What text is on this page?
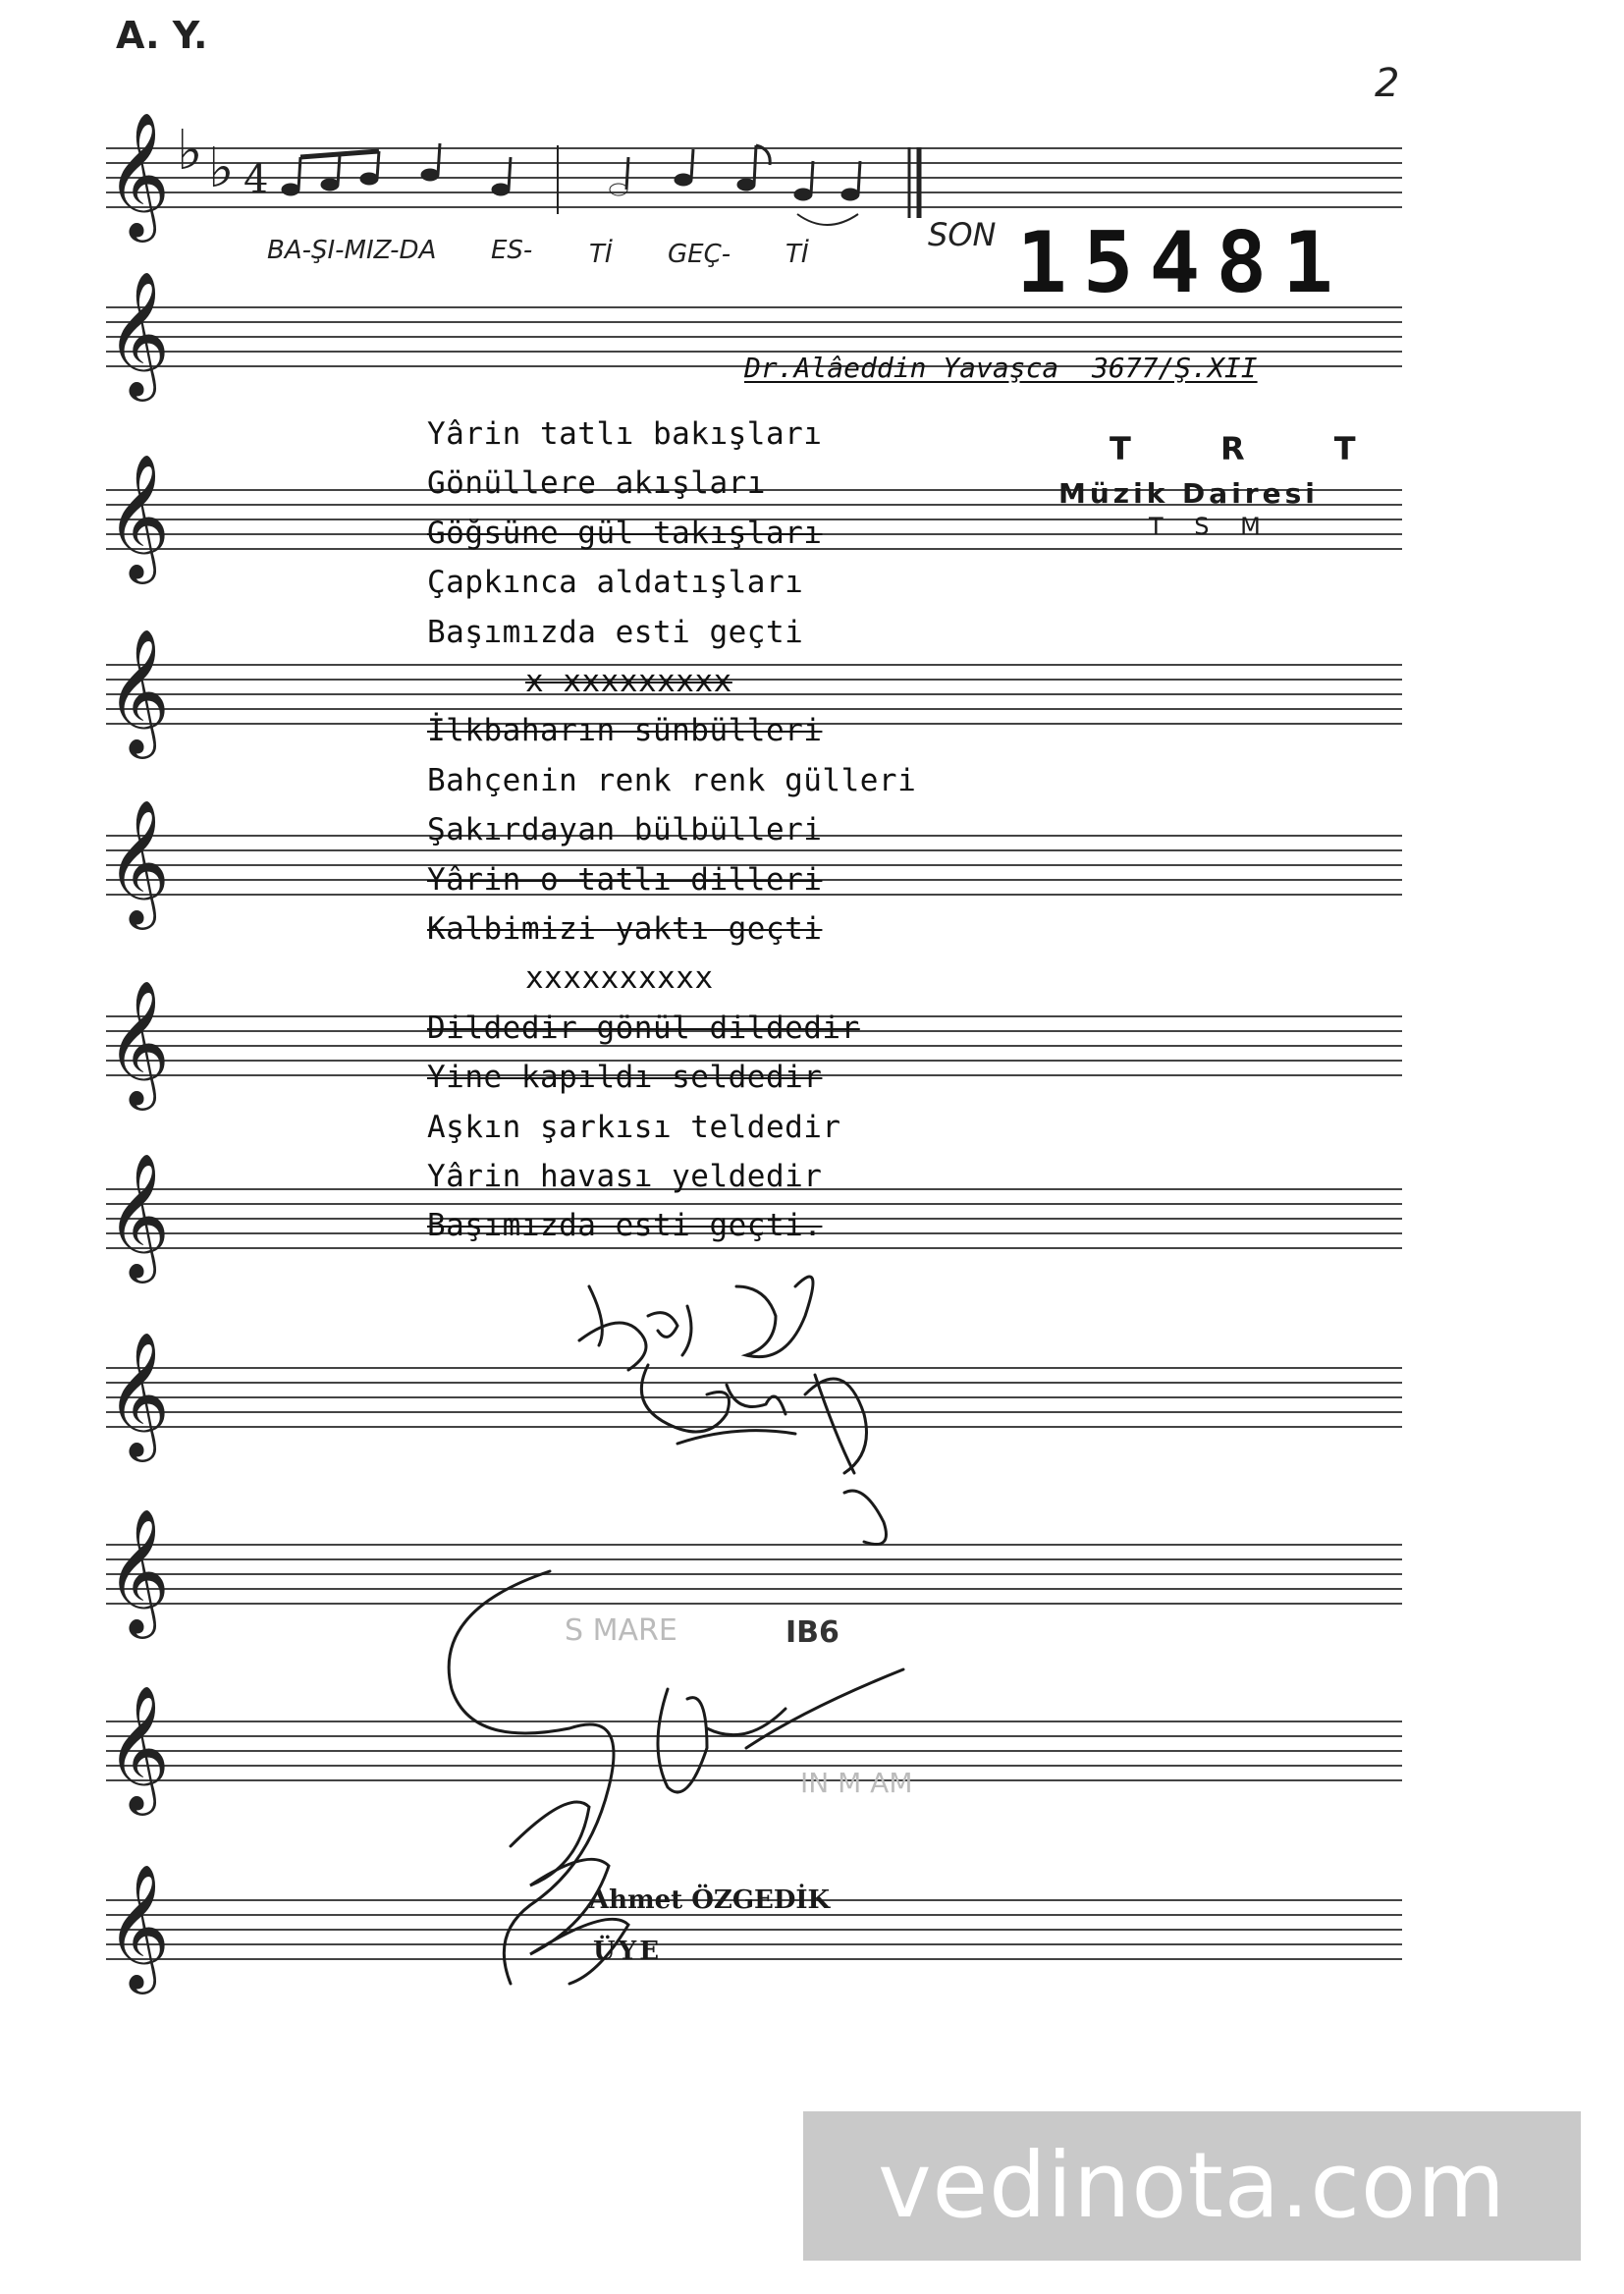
A. Y.
2
𝄞
𝄞
𝄞
𝄞
𝄞
𝄞
𝄞
𝄞
𝄞
𝄞
𝄞
♭ ♭ 4
BA-ŞI-MIZ-DA ES- Tİ GEÇ- Tİ
SON 15481
Dr.Alâeddin Yavaşca  3677/Ş.XII
T R T
Müzik Dairesi
T S M
Yârin tatlı bakışları
Gönüllere akışları
Göğsüne gül takışları
Çapkınca aldatışları
Başımızda esti geçti
x xxxxxxxxx
İlkbaharın sünbülleri
Bahçenin renk renk gülleri
Şakırdayan bülbülleri
Yârin o tatlı dilleri
Kalbimizi yaktı geçti
xxxxxxxxxx
Dildedir gönül dildedir
Yine kapıldı seldedir
Aşkın şarkısı teldedir
Yârin havası yeldedir
Başımızda esti geçti.
S MARE	IB6
IN M AM
Ahmet ÖZGEDİK
ÜYE
vedinota.com
